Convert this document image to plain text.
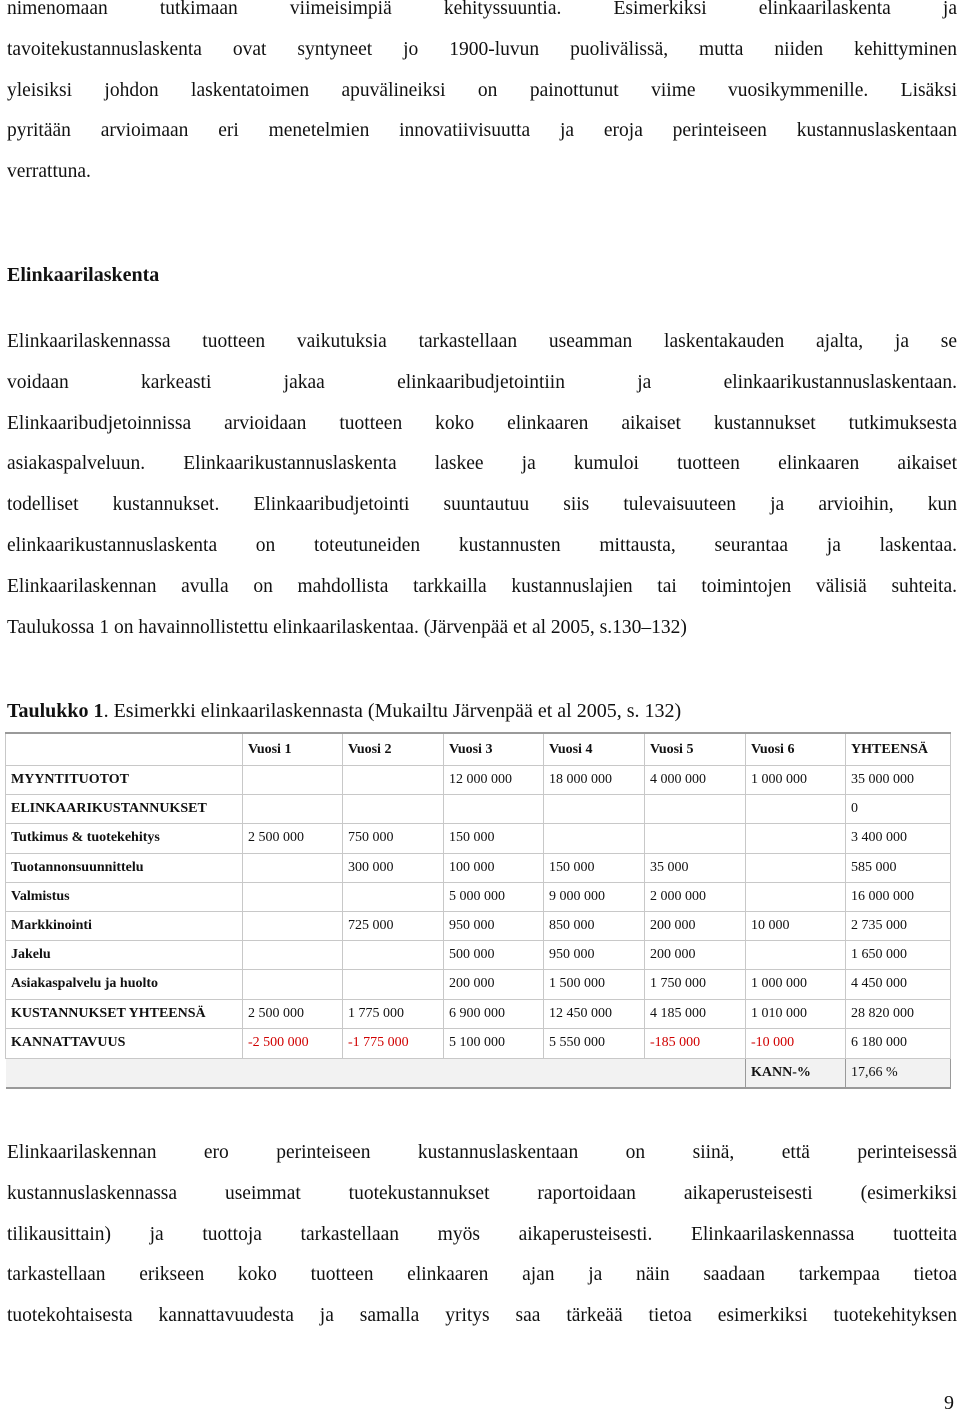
nimenomaan tutkimaan viimeisimpiä kehityssuuntia. Esimerkiksi elinkaarilaskenta ja
tavoitekustannuslaskenta ovat syntyneet jo 1900-luvun puolivälissä, mutta niiden kehittyminen
yleisiksi johdon laskentatoimen apuvälineiksi on painottunut viime vuosikymmenille. Lisäksi
pyritään arvioimaan eri menetelmien innovatiivisuutta ja eroja perinteiseen kustannuslaskentaan
verrattuna.
Elinkaarilaskenta
Elinkaarilaskennassa tuotteen vaikutuksia tarkastellaan useamman laskentakauden ajalta, ja se
voidaan karkeasti jakaa elinkaaribudjetointiin ja elinkaarikustannuslaskentaan.
Elinkaaribudjetoinnissa arvioidaan tuotteen koko elinkaaren aikaiset kustannukset tutkimuksesta
asiakaspalveluun. Elinkaarikustannuslaskenta laskee ja kumuloi tuotteen elinkaaren aikaiset
todelliset kustannukset. Elinkaaribudjetointi suuntautuu siis tulevaisuuteen ja arvioihin, kun
elinkaarikustannuslaskenta on toteutuneiden kustannusten mittausta, seurantaa ja laskentaa.
Elinkaarilaskennan avulla on mahdollista tarkkailla kustannuslajien tai toimintojen välisiä suhteita.
Taulukossa 1 on havainnollistettu elinkaarilaskentaa. (Järvenpää et al 2005, s.130–132)

Taulukko 1. Esimerkki elinkaarilaskennasta (Mukailtu Järvenpää et al 2005, s. 132)

	Vuosi 1	Vuosi 2	Vuosi 3	Vuosi 4	Vuosi 5	Vuosi 6	YHTEENSÄ
MYYNTITUOTOT			12 000 000	18 000 000	4 000 000	1 000 000	35 000 000
ELINKAARIKUSTANNUKSET							0
Tutkimus & tuotekehitys	2 500 000	750 000	150 000				3 400 000
Tuotannonsuunnittelu		300 000	100 000	150 000	35 000		585 000
Valmistus			5 000 000	9 000 000	2 000 000		16 000 000
Markkinointi		725 000	950 000	850 000	200 000	10 000	2 735 000
Jakelu			500 000	950 000	200 000		1 650 000
Asiakaspalvelu ja huolto			200 000	1 500 000	1 750 000	1 000 000	4 450 000
KUSTANNUKSET YHTEENSÄ	2 500 000	1 775 000	6 900 000	12 450 000	4 185 000	1 010 000	28 820 000
KANNATTAVUUS	-2 500 000	-1 775 000	5 100 000	5 550 000	-185 000	-10 000	6 180 000
						KANN-%	17,66 %
Elinkaarilaskennan ero perinteiseen kustannuslaskentaan on siinä, että perinteisessä
kustannuslaskennassa useimmat tuotekustannukset raportoidaan aikaperusteisesti (esimerkiksi
tilikausittain) ja tuottoja tarkastellaan myös aikaperusteisesti. Elinkaarilaskennassa tuotteita
tarkastellaan erikseen koko tuotteen elinkaaren ajan ja näin saadaan tarkempaa tietoa
tuotekohtaisesta kannattavuudesta ja samalla yritys saa tärkeää tietoa esimerkiksi tuotekehityksen

9
